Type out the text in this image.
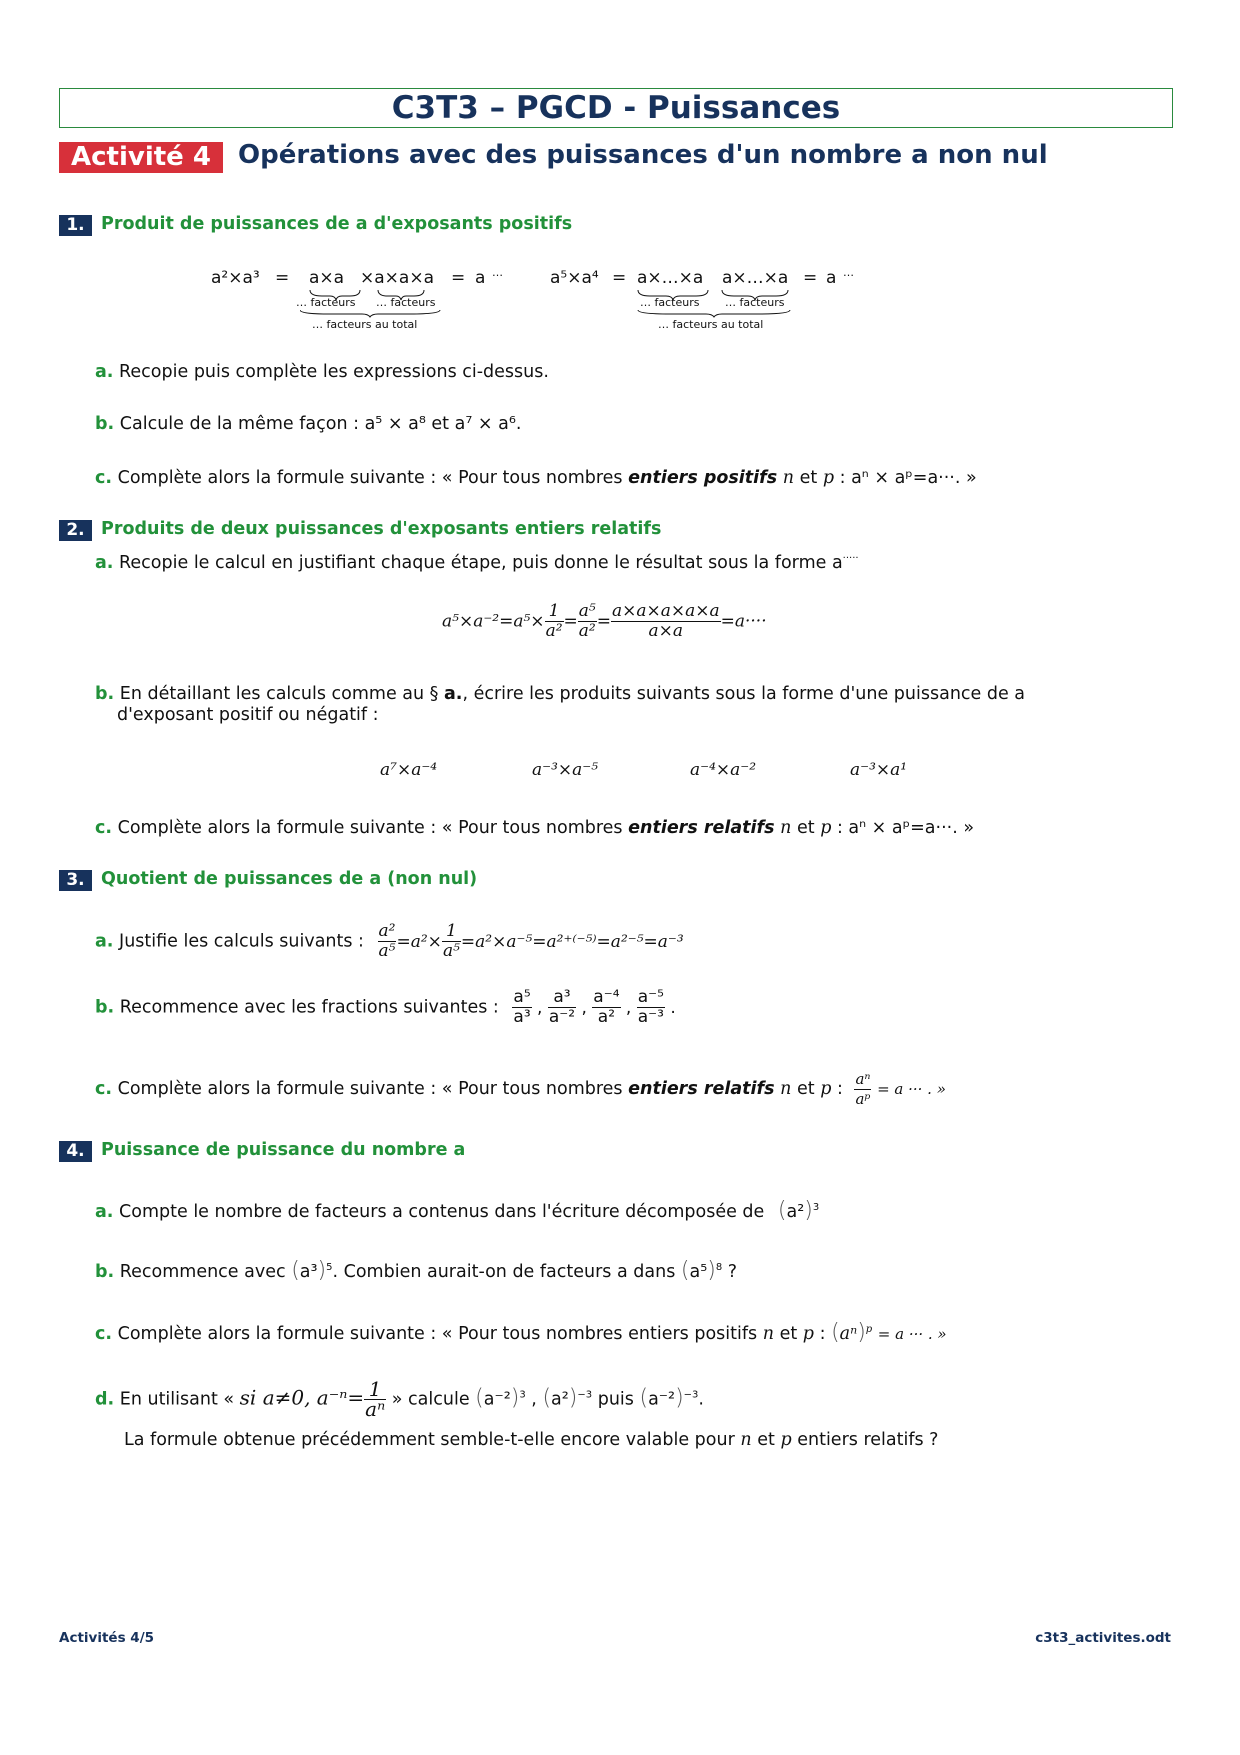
C3T3 – PGCD - Puissances
Activité 4	Opérations avec des puissances d'un nombre a non nul
1. Produit de puissances de a d'exposants positifs
a²×a³ = a×a ×a×a×a = a …
… facteurs … facteurs
… facteurs au total
a⁵×a⁴ = a×…×a a×…×a = a …
… facteurs … facteurs
… facteurs au total
a. Recopie puis complète les expressions ci-dessus.
b. Calcule de la même façon : a⁵ × a⁸ et a⁷ × a⁶.
c. Complète alors la formule suivante : « Pour tous nombres entiers positifs n et p : aⁿ × aᵖ=a···. »
2. Produits de deux puissances d'exposants entiers relatifs
a. Recopie le calcul en justifiant chaque étape, puis donne le résultat sous la forme a·····
$a^5\times a^{-2}=a^5\times \frac{1}{\text{a²}} = \frac{\text{a⁵}}{\text{a²}} = \frac{a\times a\times a\times a\times a}{a\times a} =a\cdot\cdot\cdot\cdot$
b. En détaillant les calculs comme au § a., écrire les produits suivants sous la forme d'une puissance de a
d'exposant positif ou négatif :
a⁷×a⁻⁴	a⁻³×a⁻⁵	a⁻⁴×a⁻²	a⁻³×a¹
c. Complète alors la formule suivante : « Pour tous nombres entiers relatifs n et p : aⁿ × aᵖ=a···. »
3. Quotient de puissances de a (non nul)
a. Justifie les calculs suivants : $\frac{\text{a²}}{\text{a⁵}} =a^2\times \frac{1}{\text{a⁵}} =a^2\times a^{-5}=a^{2+(-5)}=a^{2-5}=a^{-3}$
b. Recommence avec les fractions suivantes : $\frac{\text{a⁵}}{\text{a³}}$ , $\frac{\text{a³}}{\text{a⁻²}}$ , $\frac{\text{a⁻⁴}}{\text{a²}}$ , $\frac{\text{a⁻⁵}}{\text{a⁻³}}$ .
c. Complète alors la formule suivante : « Pour tous nombres entiers relatifs n et p : $\frac{\text{aⁿ}}{\text{aᵖ}} = a$ ··· . »
4. Puissance de puissance du nombre a
a. Compte le nombre de facteurs a contenus dans l'écriture décomposée de $(a^2)^3$
b. Recommence avec $(a^3)^5$. Combien aurait-on de facteurs a dans $(a^5)^8$ ?
c. Complète alors la formule suivante : « Pour tous nombres entiers positifs n et p : $(a^n)^p = a$ ··· . »
d. En utilisant « si a≠0, $a^{-n}= \frac{1}{\text{aⁿ}}$ » calcule $(a^{-2})^3$ , $(a^2)^{-3}$ puis $(a^{-2})^{-3}$.
La formule obtenue précédemment semble-t-elle encore valable pour n et p entiers relatifs ?
Activités 4/5	c3t3_activites.odt
